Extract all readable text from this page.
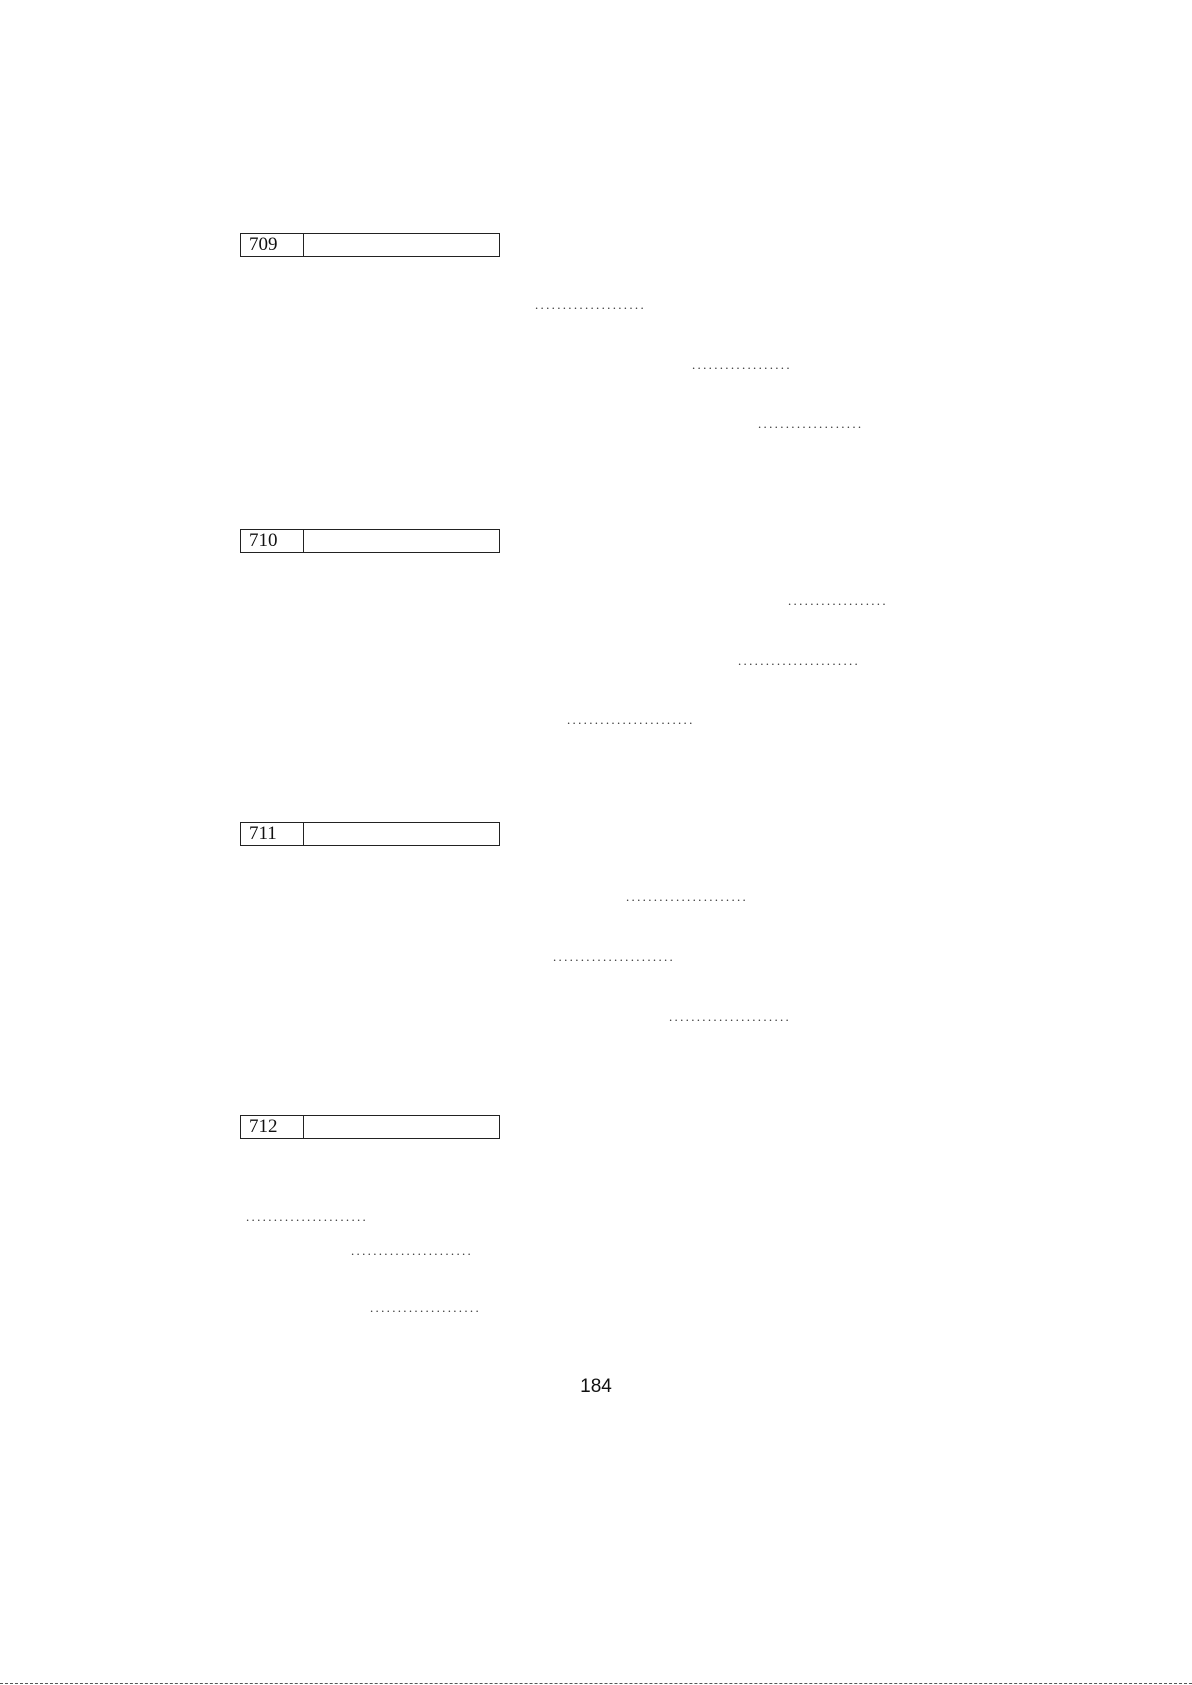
709
....................
..................
...................
710
..................
......................
.......................
711
......................
......................
......................
712
......................
......................
....................
184
